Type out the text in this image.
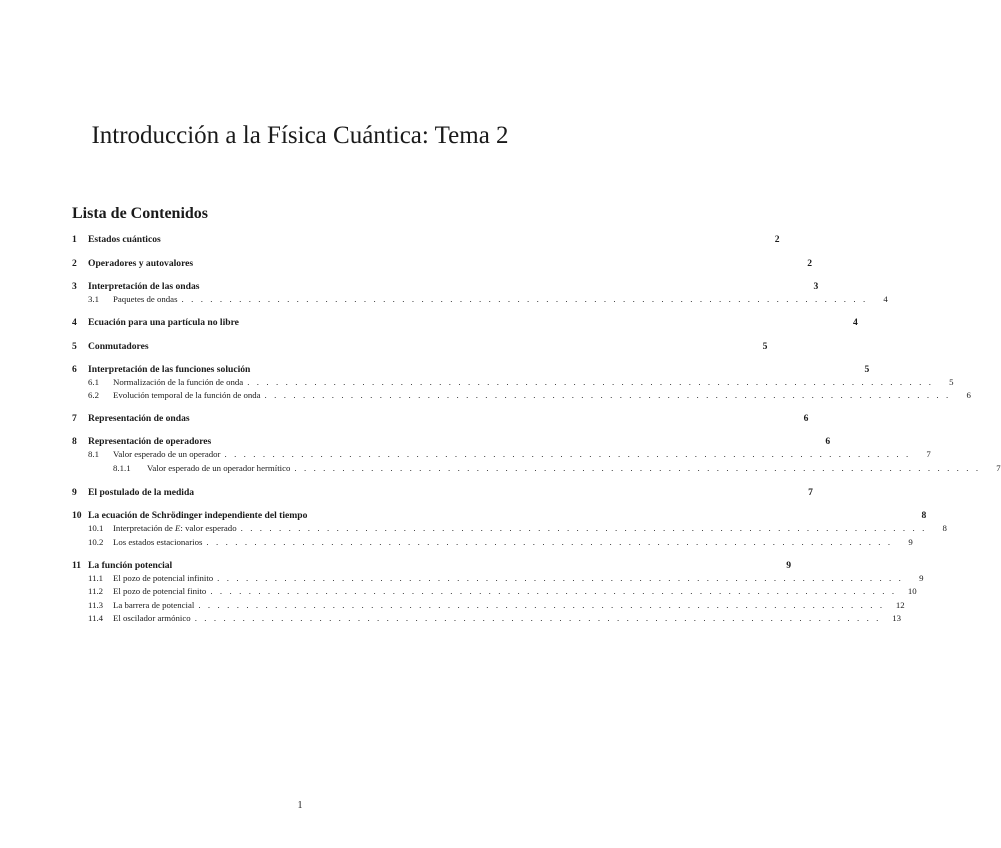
Introducción a la Física Cuántica: Tema 2
Lista de Contenidos
1	Estados cuánticos	2
2	Operadores y autovalores	2
3	Interpretación de las ondas	3
3.1	Paquetes de ondas . . . . . . . . . . . . . . . . . . . . . . . . . . . . . . . . . . . . . . . . . . . . . . . . . . . . . . . . . . . . . . . . . . . . . . . .	4
4	Ecuación para una partícula no libre	4
5	Conmutadores	5
6	Interpretación de las funciones solución	5
6.1	Normalización de la función de onda . . . . . . . . . . . . . . . . . . . . . . . . . . . . . . . . . . . . . . . . . . . . . . . . . . . . . . . . . . . . . . . . . . . . . . . .	5
6.2	Evolución temporal de la función de onda . . . . . . . . . . . . . . . . . . . . . . . . . . . . . . . . . . . . . . . . . . . . . . . . . . . . . . . . . . . . . . . . . . . . . . . .	6
7	Representación de ondas	6
8	Representación de operadores	6
8.1	Valor esperado de un operador . . . . . . . . . . . . . . . . . . . . . . . . . . . . . . . . . . . . . . . . . . . . . . . . . . . . . . . . . . . . . . . . . . . . . . . .	7
8.1.1	Valor esperado de un operador hermítico . . . . . . . . . . . . . . . . . . . . . . . . . . . . . . . . . . . . . . . . . . . . . . . . . . . . . . . . . . . . . . . . . . . . . . . .	7
9	El postulado de la medida	7
10 La ecuación de Schrödinger independiente del tiempo	8
10.1	Interpretación de E: valor esperado . . . . . . . . . . . . . . . . . . . . . . . . . . . . . . . . . . . . . . . . . . . . . . . . . . . . . . . . . . . . . . . . . . . . . . . .	8
10.2	Los estados estacionarios . . . . . . . . . . . . . . . . . . . . . . . . . . . . . . . . . . . . . . . . . . . . . . . . . . . . . . . . . . . . . . . . . . . . . . . .	9
11 La función potencial	9
11.1	El pozo de potencial infinito . . . . . . . . . . . . . . . . . . . . . . . . . . . . . . . . . . . . . . . . . . . . . . . . . . . . . . . . . . . . . . . . . . . . . . . .	9
11.2	El pozo de potencial finito . . . . . . . . . . . . . . . . . . . . . . . . . . . . . . . . . . . . . . . . . . . . . . . . . . . . . . . . . . . . . . . . . . . . . . . .	10
11.3	La barrera de potencial . . . . . . . . . . . . . . . . . . . . . . . . . . . . . . . . . . . . . . . . . . . . . . . . . . . . . . . . . . . . . . . . . . . . . . . .	12
11.4	El oscilador armónico . . . . . . . . . . . . . . . . . . . . . . . . . . . . . . . . . . . . . . . . . . . . . . . . . . . . . . . . . . . . . . . . . . . . . . . .	13
1
